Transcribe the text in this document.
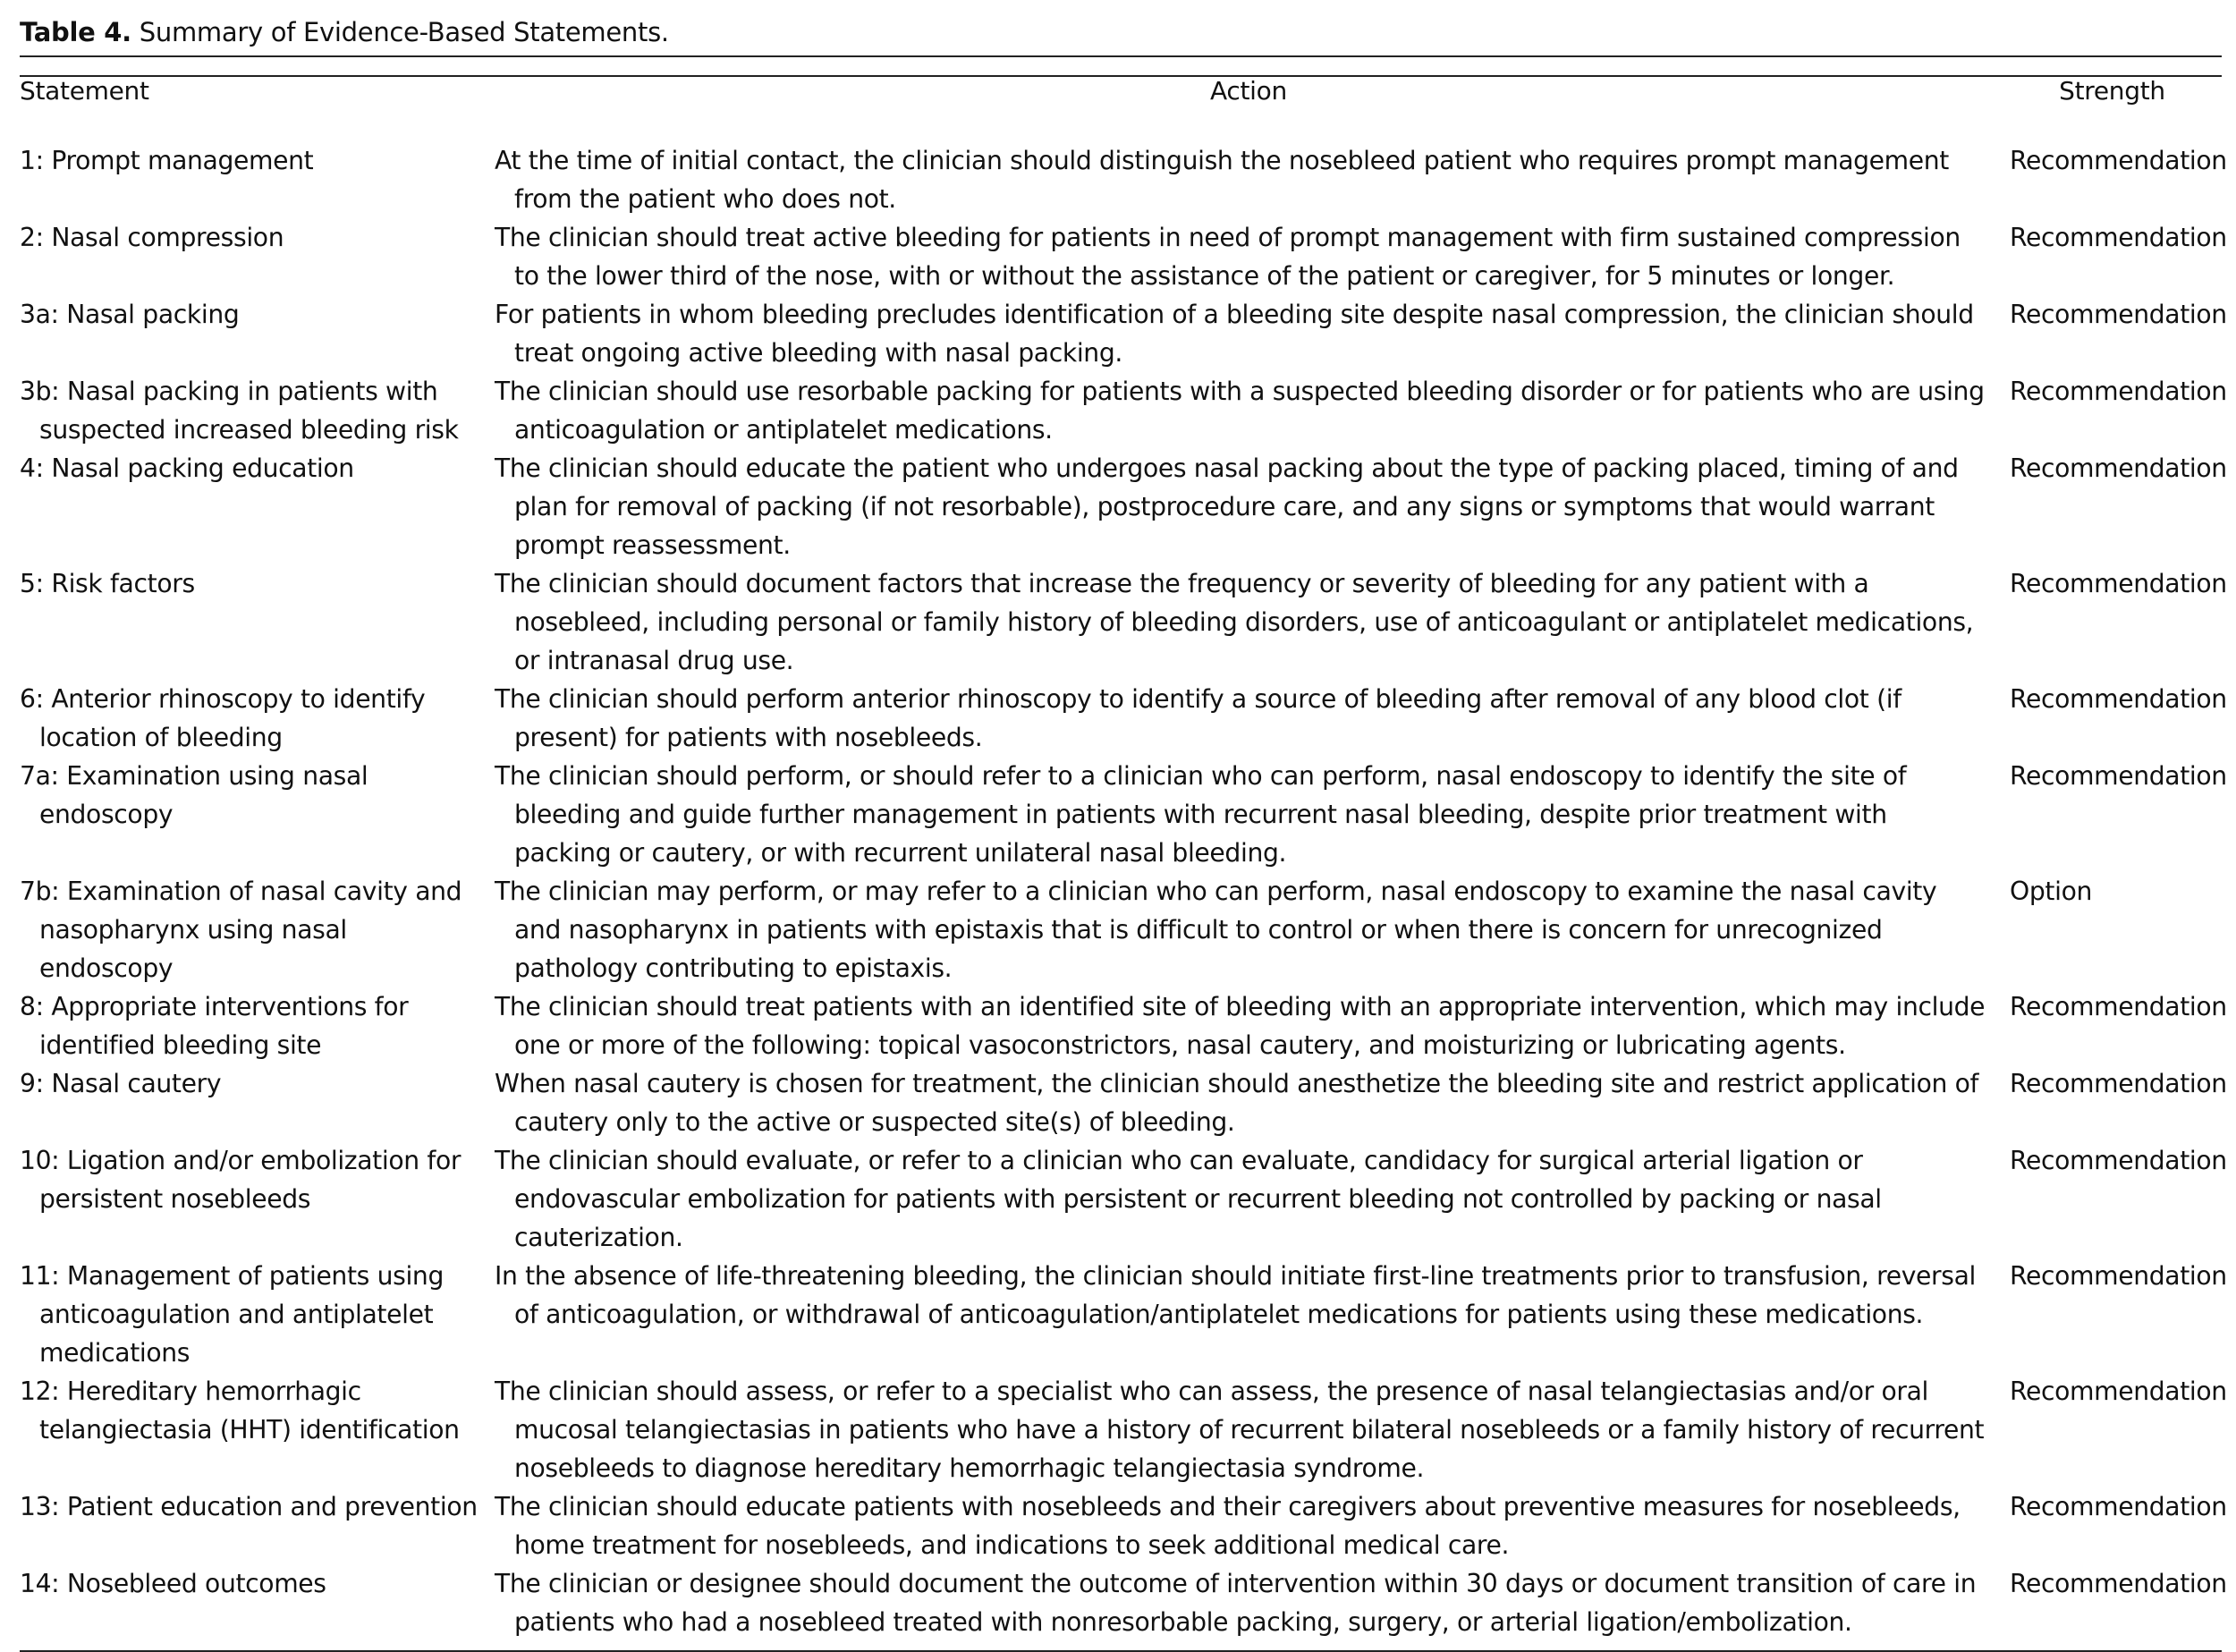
Table 4. Summary of Evidence-Based Statements.
Statement	Action	Strength

1: Prompt management	At the time of initial contact, the clinician should distinguish the nosebleed patient who requires prompt management from the patient who does not.	Recommendation

2: Nasal compression	The clinician should treat active bleeding for patients in need of prompt management with firm sustained compression to the lower third of the nose, with or without the assistance of the patient or caregiver, for 5 minutes or longer.	Recommendation

3a: Nasal packing	For patients in whom bleeding precludes identification of a bleeding site despite nasal compression, the clinician should treat ongoing active bleeding with nasal packing.	Recommendation

3b: Nasal packing in patients with suspected increased bleeding risk	The clinician should use resorbable packing for patients with a suspected bleeding disorder or for patients who are using anticoagulation or antiplatelet medications.	Recommendation

4: Nasal packing education	The clinician should educate the patient who undergoes nasal packing about the type of packing placed, timing of and plan for removal of packing (if not resorbable), postprocedure care, and any signs or symptoms that would warrant prompt reassessment.	Recommendation

5: Risk factors	The clinician should document factors that increase the frequency or severity of bleeding for any patient with a nosebleed, including personal or family history of bleeding disorders, use of anticoagulant or antiplatelet medications, or intranasal drug use.	Recommendation

6: Anterior rhinoscopy to identify location of bleeding	The clinician should perform anterior rhinoscopy to identify a source of bleeding after removal of any blood clot (if present) for patients with nosebleeds.	Recommendation

7a: Examination using nasal endoscopy	The clinician should perform, or should refer to a clinician who can perform, nasal endoscopy to identify the site of bleeding and guide further management in patients with recurrent nasal bleeding, despite prior treatment with packing or cautery, or with recurrent unilateral nasal bleeding.	Recommendation

7b: Examination of nasal cavity and nasopharynx using nasal endoscopy	The clinician may perform, or may refer to a clinician who can perform, nasal endoscopy to examine the nasal cavity and nasopharynx in patients with epistaxis that is difficult to control or when there is concern for unrecognized pathology contributing to epistaxis.	Option

8: Appropriate interventions for identified bleeding site	The clinician should treat patients with an identified site of bleeding with an appropriate intervention, which may include one or more of the following: topical vasoconstrictors, nasal cautery, and moisturizing or lubricating agents.	Recommendation

9: Nasal cautery	When nasal cautery is chosen for treatment, the clinician should anesthetize the bleeding site and restrict application of cautery only to the active or suspected site(s) of bleeding.	Recommendation

10: Ligation and/or embolization for persistent nosebleeds	The clinician should evaluate, or refer to a clinician who can evaluate, candidacy for surgical arterial ligation or endovascular embolization for patients with persistent or recurrent bleeding not controlled by packing or nasal cauterization.	Recommendation

11: Management of patients using anticoagulation and antiplatelet medications	In the absence of life-threatening bleeding, the clinician should initiate first-line treatments prior to transfusion, reversal of anticoagulation, or withdrawal of anticoagulation/antiplatelet medications for patients using these medications.	Recommendation

12: Hereditary hemorrhagic telangiectasia (HHT) identification	The clinician should assess, or refer to a specialist who can assess, the presence of nasal telangiectasias and/or oral mucosal telangiectasias in patients who have a history of recurrent bilateral nosebleeds or a family history of recurrent nosebleeds to diagnose hereditary hemorrhagic telangiectasia syndrome.	Recommendation

13: Patient education and prevention	The clinician should educate patients with nosebleeds and their caregivers about preventive measures for nosebleeds, home treatment for nosebleeds, and indications to seek additional medical care.	Recommendation

14: Nosebleed outcomes	The clinician or designee should document the outcome of intervention within 30 days or document transition of care in patients who had a nosebleed treated with nonresorbable packing, surgery, or arterial ligation/embolization.	Recommendation
